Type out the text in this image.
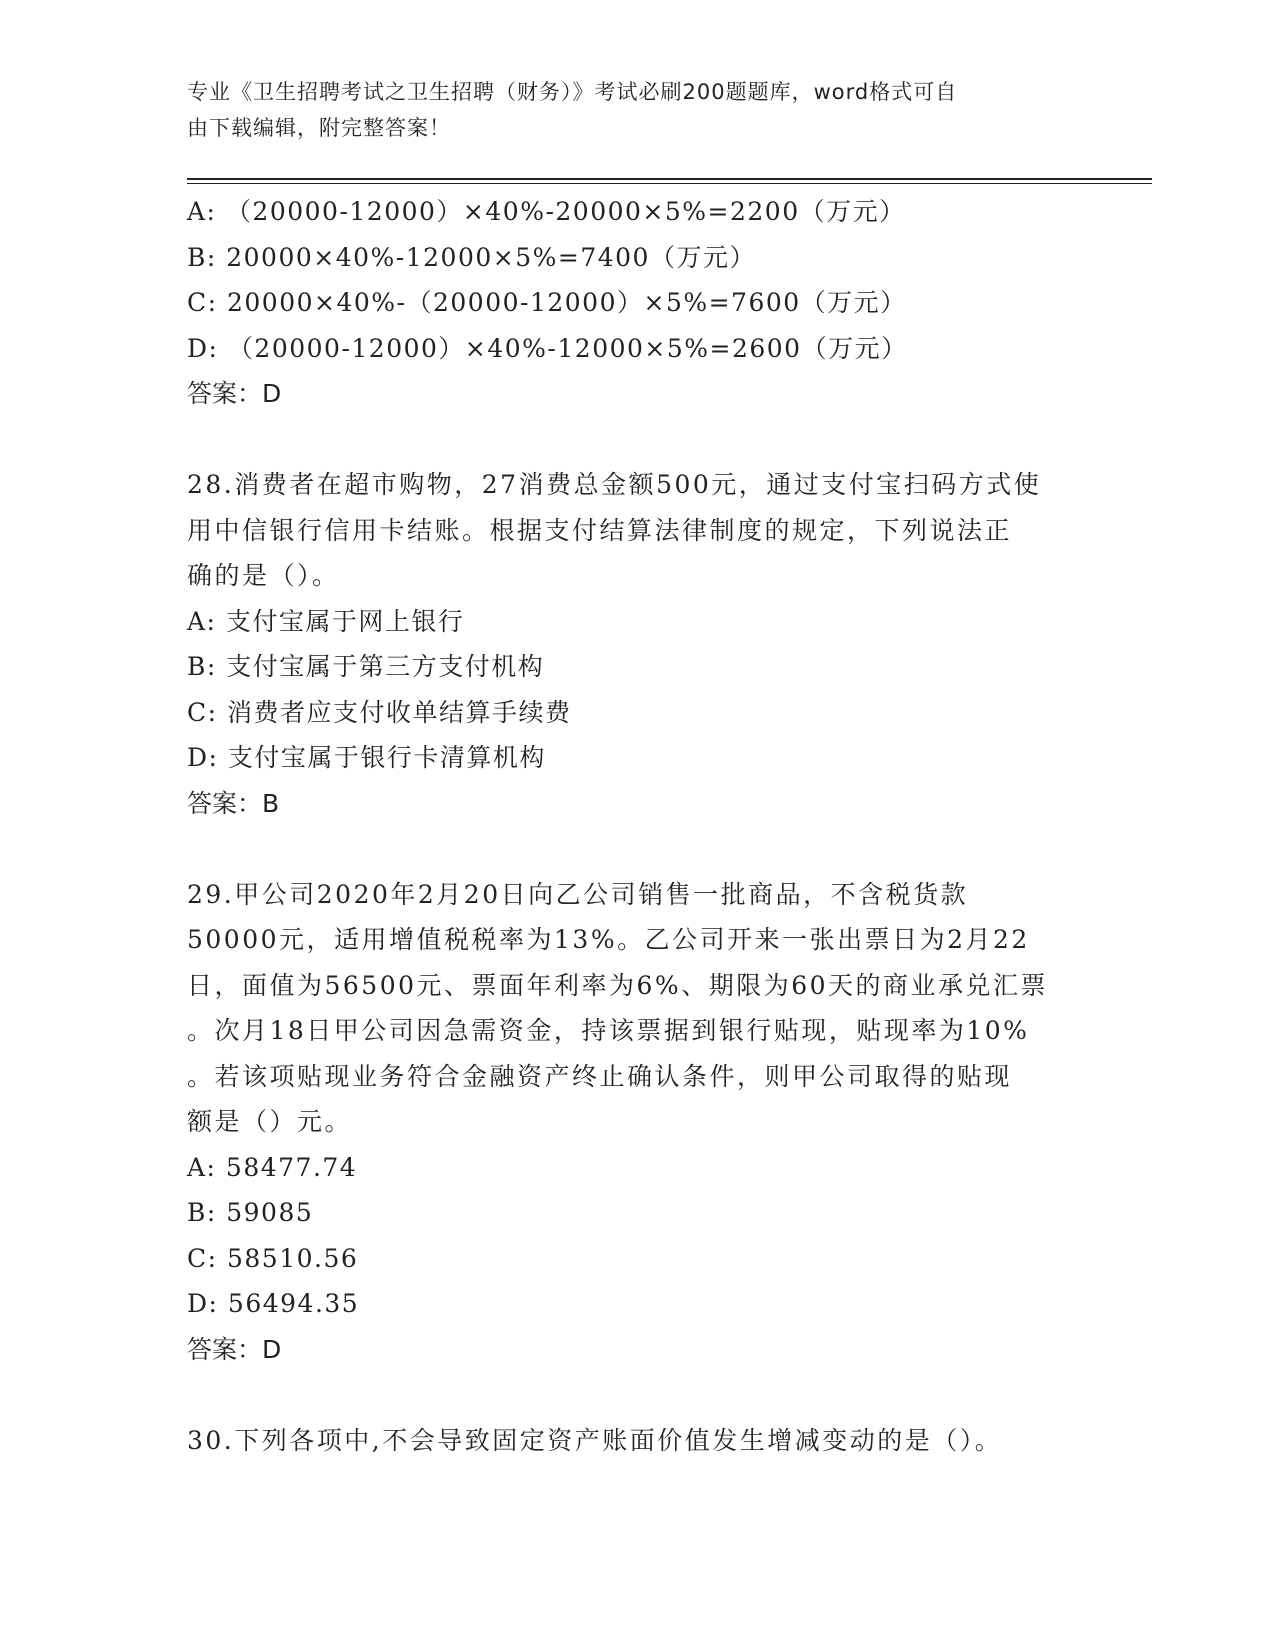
专业《卫生招聘考试之卫生招聘（财务）》考试必刷200题题库，word格式可自
由下载编辑，附完整答案！
A: （20000-12000）×40%-20000×5%=2200（万元）
B: 20000×40%-12000×5%=7400（万元）
C: 20000×40%-（20000-12000）×5%=7600（万元）
D: （20000-12000）×40%-12000×5%=2600（万元）
答案：D
28.消费者在超市购物，27消费总金额500元，通过支付宝扫码方式使
用中信银行信用卡结账。根据支付结算法律制度的规定，下列说法正
确的是（）。
A: 支付宝属于网上银行
B: 支付宝属于第三方支付机构
C: 消费者应支付收单结算手续费
D: 支付宝属于银行卡清算机构
答案：B
29.甲公司2020年2月20日向乙公司销售一批商品，不含税货款
50000元，适用增值税税率为13%。乙公司开来一张出票日为2月22
日，面值为56500元、票面年利率为6%、期限为60天的商业承兑汇票
。次月18日甲公司因急需资金，持该票据到银行贴现，贴现率为10%
。若该项贴现业务符合金融资产终止确认条件，则甲公司取得的贴现
额是（）元。
A: 58477.74
B: 59085
C: 58510.56
D: 56494.35
答案：D
30.下列各项中,不会导致固定资产账面价值发生增减变动的是（）。
